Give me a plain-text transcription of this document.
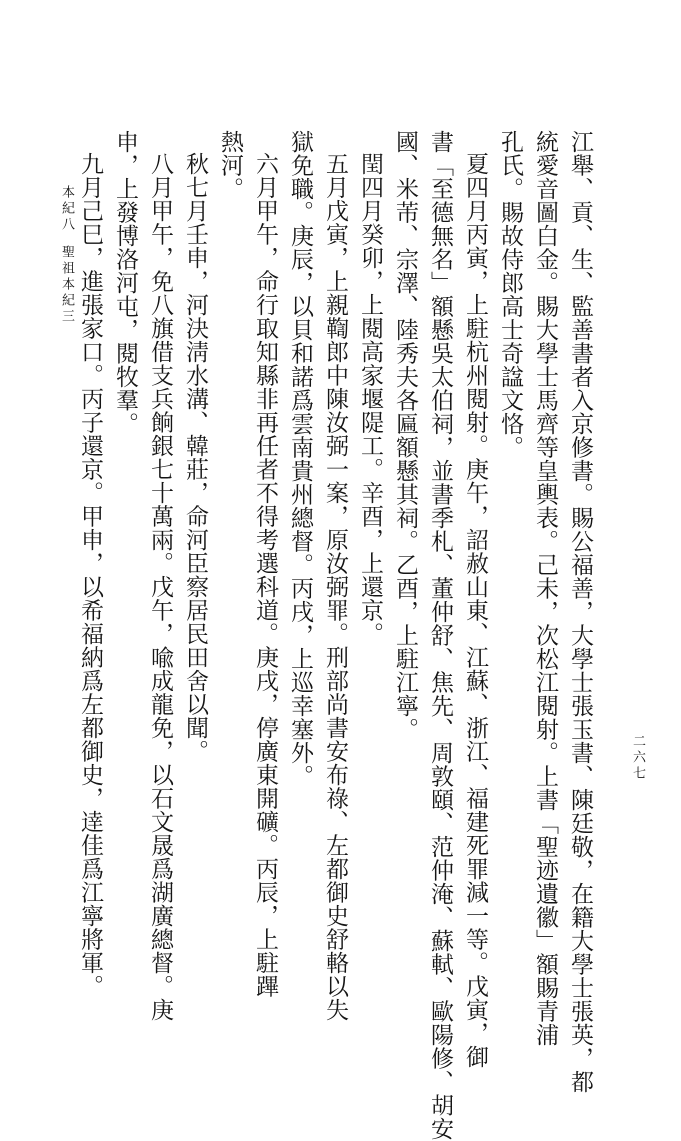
二六七
江舉、貢、生、監善書者入京修書。賜公福善，大學士張玉書、陳廷敬，在籍大學士張英，都
統愛音圖白金。賜大學士馬齊等皇輿表。己未，次松江閱射。上書「聖迹遺徽」額賜青浦
孔氏。賜故侍郎高士奇諡文恪。
夏四月丙寅，上駐杭州閱射。庚午，詔赦山東、江蘇、浙江、福建死罪減一等。戊寅，御
書「至德無名」額懸吳太伯祠，並書季札、董仲舒、焦先、周敦頤、范仲淹、蘇軾、歐陽修、胡安
國、米芾、宗澤、陸秀夫各匾額懸其祠。乙酉，上駐江寧。
閏四月癸卯，上閱高家堰隄工。辛酉，上還京。
五月戊寅，上親鞫郎中陳汝弼一案，原汝弼罪。刑部尚書安布祿、左都御史舒輅以失
獄免職。庚辰，以貝和諾爲雲南貴州總督。丙戌，上巡幸塞外。
六月甲午，命行取知縣非再任者不得考選科道。庚戌，停廣東開礦。丙辰，上駐蹕
熱河。
秋七月壬申，河決淸水溝、韓莊，命河臣察居民田舍以聞。
八月甲午，免八旗借支兵餉銀七十萬兩。戊午，喩成龍免，以石文晟爲湖廣總督。庚
申，上發博洛河屯，閱牧羣。
九月己巳，進張家口。丙子還京。甲申，以希福納爲左都御史，逹佳爲江寧將軍。
本紀八
聖祖本紀三
